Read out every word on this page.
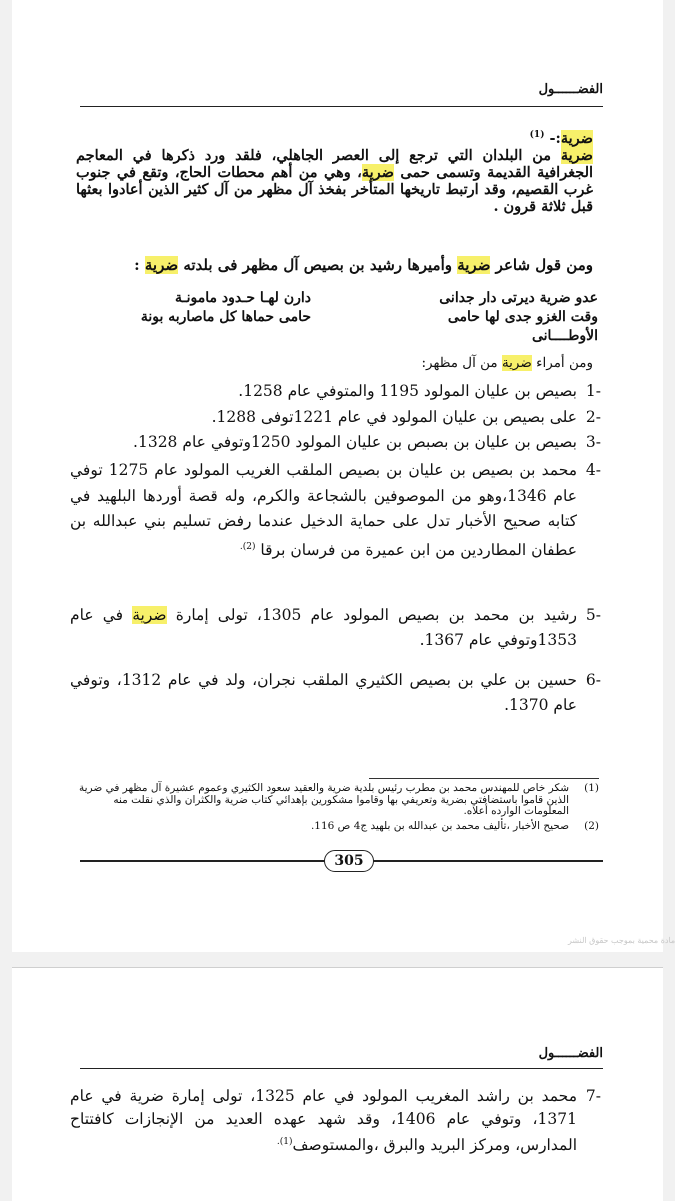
الفضــــــول
ضرية:- $^{(1)}$
ضرية من البلدان التي ترجع إلى العصر الجاهلي، فلقد ورد ذكرها في المعاجم الجغرافية القديمة وتسمى حمى ضرية، وهي من أهم محطات الحاج، وتقع في جنوب غرب القصيم، وقد ارتبط تاريخها المتأخر بفخذ آل مظهر من آل كثير الذين أعادوا بعثها قبل ثلاثة قرون .
ومن قول شاعر ضرية وأميرها رشيد بن بصيص آل مظهر فى بلدته ضرية :
عدو ضرية ديرتى دار جدانى
وقت الغزو جدى لها حامى
الأوطــــانى
دارن لهـا حـدود مامونـة
حامى حماها كل ماصاربه بونة
ومن أمراء ضرية من آل مظهر:
-1
بصيص بن عليان المولود 1195 والمتوفي عام 1258.
-2
على بصيص بن عليان المولود في عام 1221توفى 1288.
-3
بصيص بن عليان بن بصبص بن عليان المولود 1250وتوفي عام 1328.
-4
محمد بن بصيص بن عليان بن بصيص الملقب الغريب المولود عام 1275 توفي عام 1346،وهو من الموصوفين بالشجاعة والكرم، وله قصة أوردها البلهيد في كتابه صحيح الأخبار تدل على حماية الدخيل عندما رفض تسليم بني عبدالله بن عطفان المطاردين من ابن عميرة من فرسان برقا $^{(2).}$
-5
رشيد بن محمد بن بصيص المولود عام 1305، تولى إمارة ضرية في عام 1353وتوفي عام 1367.
-6
حسين بن علي بن بصيص الكثيري الملقب نجران، ولد في عام 1312، وتوفي عام 1370.
(1)
شكر خاص للمهندس محمد بن مطرب رئيس بلدية ضرية والعقيد سعود الكثيري وعموم عشيرة آل مظهر في ضرية الذين قاموا باستضافتي بضرية وتعريفي بها وقاموا مشكورين بإهدائي كتاب ضرية والكثران والذي نقلت منه المعلومات الوارده أعلاه.
(2)
صحيح الأخبار ،تأليف محمد بن عبدالله بن بلهيد ج4 ص 116.
305
مادة محمية بموجب حقوق النشر
الفضــــــول
-7
محمد بن راشد المغريب المولود في عام 1325، تولى إمارة ضرية في عام 1371، وتوفي عام 1406، وقد شهد عهده العديد من الإنجازات كافتتاح المدارس، ومركز البريد والبرق ،والمستوصف$^{(1).}$
